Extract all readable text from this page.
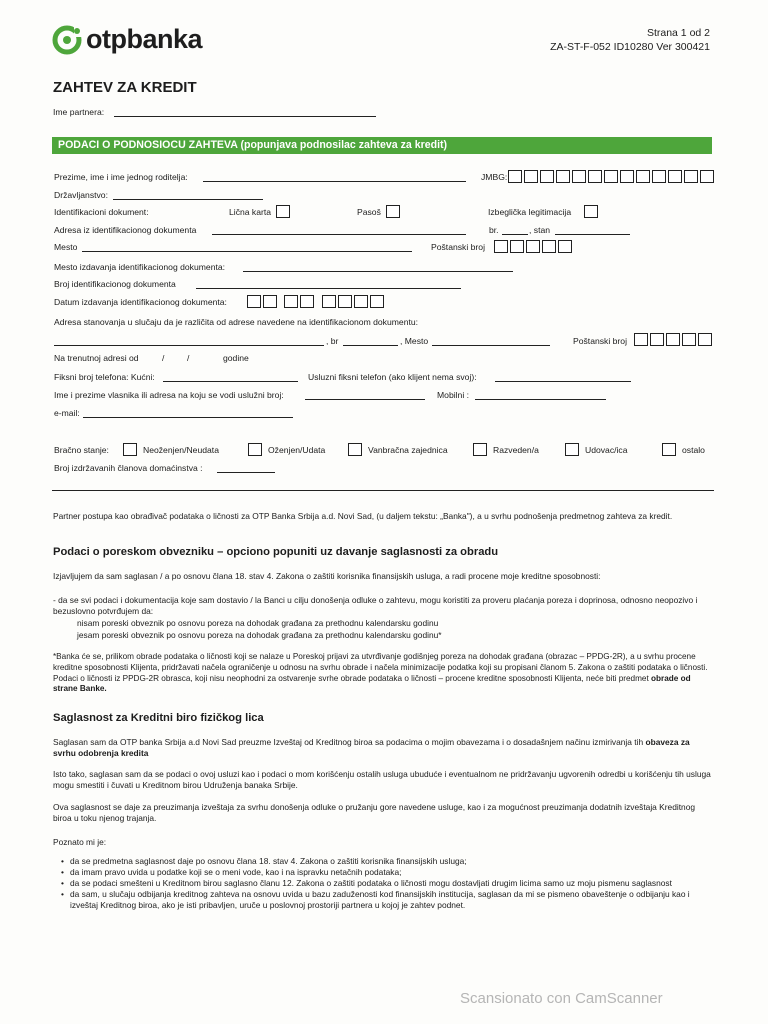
otpbanka	Strana 1 od 2
ZA-ST-F-052 ID10280 Ver 300421
ZAHTEV ZA KREDIT
Ime partnera:
PODACI O PODNOSIOCU ZAHTEVA (popunjava podnosilac zahteva za kredit)
Prezime, ime i ime jednog roditelja:	JMBG:
Državljanstvo:
Identifikacioni dokument:	Lična karta	Pasoš	Izbeglička legitimacija
Adresa iz identifikacionog dokumenta	br.	, stan
Mesto	Poštanski broj
Mesto izdavanja identifikacionog dokumenta:
Broj identifikacionog dokumenta
Datum izdavanja identifikacionog dokumenta:
Adresa stanovanja u slučaju da je različita od adrese navedene na identifikacionom dokumentu:
, br	, Mesto	Poštanski broj
Na trenutnoj adresi od	/	/	godine
Fiksni broj telefona: Kućni:	Usluzni fiksni telefon (ako klijent nema svoj):
Ime i prezime vlasnika ili adresa na koju se vodi uslužni broj:	Mobilni :
e-mail:
Bračno stanje:	Neoženjen/Neudata	Oženjen/Udata	Vanbračna zajednica	Razveden/a	Udovac/ica	ostalo
Broj izdržavanih članova domaćinstva :
Partner postupa kao obrađivač podataka o ličnosti za OTP Banka Srbija a.d. Novi Sad, (u daljem tekstu: „Banka"), a u svrhu podnošenja predmetnog zahteva za kredit.
Podaci o poreskom obvezniku – opciono popuniti uz davanje saglasnosti za obradu
Izjavljujem da sam saglasan / a po osnovu člana 18. stav 4. Zakona o zaštiti korisnika finansijskih usluga, a radi procene moje kreditne sposobnosti:
- da se svi podaci i dokumentacija koje sam dostavio / la Banci u cilju donošenja odluke o zahtevu, mogu koristiti za proveru plaćanja poreza i doprinosa, odnosno neopozivo i bezuslovno potvrđujem da:
nisam poreski obveznik po osnovu poreza na dohodak građana za prethodnu kalendarsku godinu
jesam poreski obveznik po osnovu poreza na dohodak građana za prethodnu kalendarsku godinu*
*Banka će se, prilikom obrade podataka o ličnosti koji se nalaze u Poreskoj prijavi za utvrđivanje godišnjeg poreza na dohodak građana (obrazac – PPDG-2R), a u svrhu procene kreditne sposobnosti Klijenta, pridržavati načela ograničenje u odnosu na svrhu obrade i načela minimizacije podatka koji su propisani članom 5. Zakona o zaštiti podataka o ličnosti. Podaci o ličnosti iz PPDG-2R obrasca, koji nisu neophodni za ostvarenje svrhe obrade podataka o ličnosti – procene kreditne sposobnosti Klijenta, neće biti predmet obrade od strane Banke.
Saglasnost za Kreditni biro fizičkog lica
Saglasan sam da OTP banka Srbija a.d Novi Sad preuzme Izveštaj od Kreditnog biroa sa podacima o mojim obavezama i o dosadašnjem načinu izmirivanja tih obaveza za svrhu odobrenja kredita
Isto tako, saglasan sam da se podaci o ovoj usluzi kao i podaci o mom korišćenju ostalih usluga ubuduće i eventualnom ne pridržavanju ugvorenih odredbi u korišćenju tih usluga mogu smestiti i čuvati u Kreditnom birou Udruženja banaka Srbije.
Ova saglasnost se daje za preuzimanja izveštaja za svrhu donošenja odluke o pružanju gore navedene usluge, kao i za mogućnost preuzimanja dodatnih izveštaja Kreditnog biroa u toku njenog trajanja.
Poznato mi je:
• da se predmetna saglasnost daje po osnovu člana 18. stav 4. Zakona o zaštiti korisnika finansijskih usluga;
• da imam pravo uvida u podatke koji se o meni vode, kao i na ispravku netačnih podataka;
• da se podaci smešteni u Kreditnom birou saglasno članu 12. Zakona o zaštiti podataka o ličnosti mogu dostavljati drugim licima samo uz moju pismenu saglasnost
• da sam, u slučaju odbijanja kreditnog zahteva na osnovu uvida u bazu zaduženosti kod finansijskih institucija, saglasan da mi se pismeno obaveštenje o odbijanju kao i izveštaj Kreditnog biroa, ako je isti pribavljen, uruče u poslovnoj prostoriji partnera u kojoj je zahtev podnet.
Scansionato con CamScanner
